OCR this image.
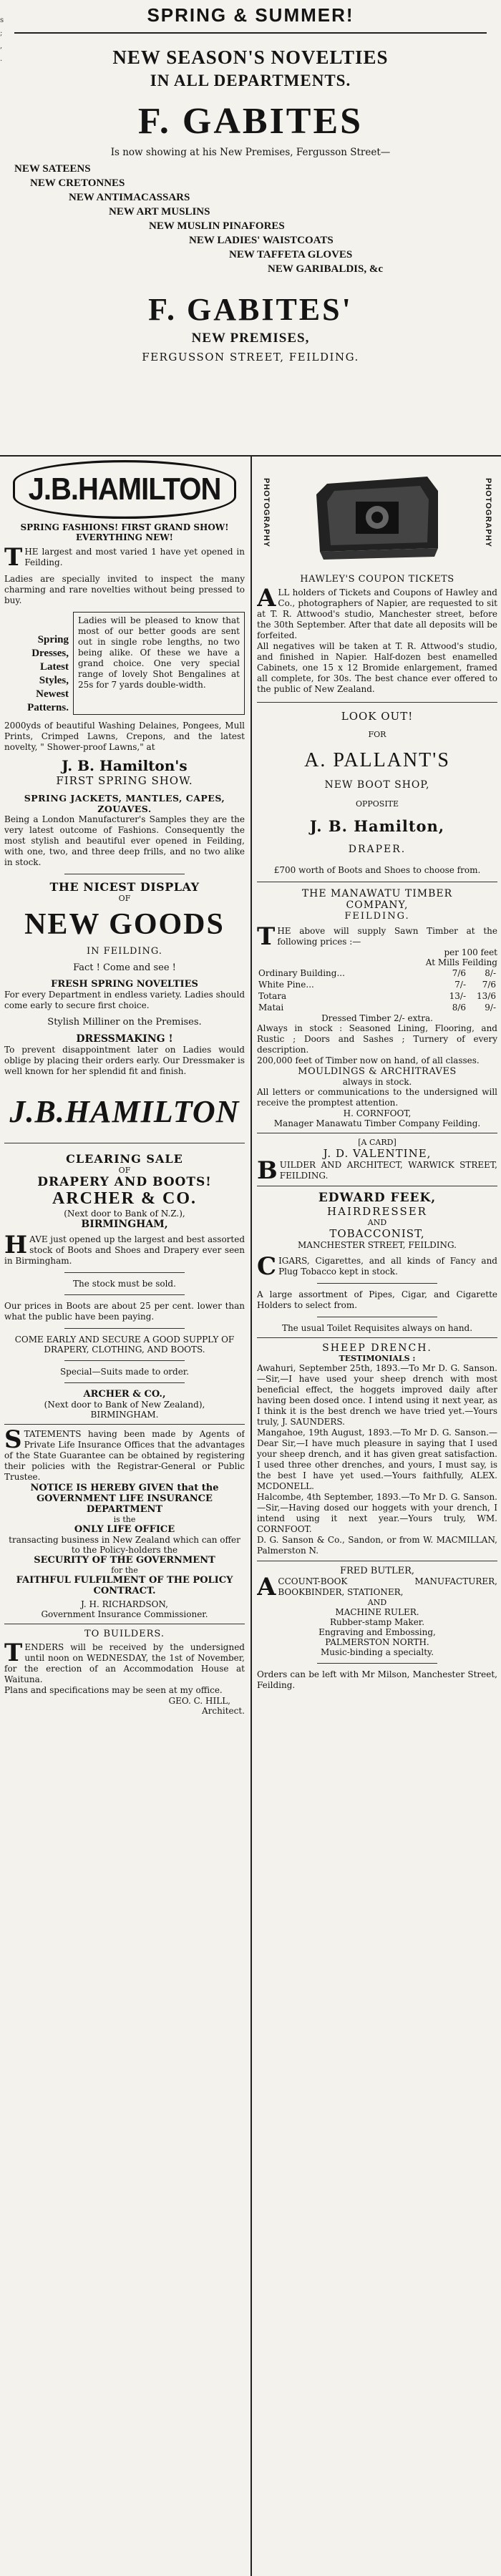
s
;
,
.
SPRING & SUMMER!
NEW SEASON'S NOVELTIES
IN ALL DEPARTMENTS.
F. GABITES
Is now showing at his New Premises, Fergusson Street—
NEW SATEENS
NEW CRETONNES
NEW ANTIMACASSARS
NEW ART MUSLINS
NEW MUSLIN PINAFORES
NEW LADIES' WAISTCOATS
NEW TAFFETA GLOVES
NEW GARIBALDIS, &c
F. GABITES'
NEW PREMISES,
FERGUSSON STREET, FEILDING.
J.B.HAMILTON
SPRING FASHIONS! FIRST GRAND SHOW!
EVERYTHING NEW!
THE largest and most varied 1 have yet opened in Feilding.
Ladies are specially invited to inspect the many charming and rare novelties without being pressed to buy.
Spring
Dresses,
Latest
Styles,
Newest
Patterns.
Ladies will be pleased to know that most of our better goods are sent out in single robe lengths, no two being alike. Of these we have a grand choice. One very special range of lovely Shot Bengalines at 25s for 7 yards double-width.
2000yds of beautiful Washing Delaines, Pongees, Mull Prints, Crimped Lawns, Crepons, and the latest novelty, " Shower-proof Lawns," at
J. B. Hamilton's
FIRST SPRING SHOW.
SPRING JACKETS, MANTLES, CAPES, ZOUAVES.
Being a London Manufacturer's Samples they are the very latest outcome of Fashions. Consequently the most stylish and beautiful ever opened in Feilding, with one, two, and three deep frills, and no two alike in stock.
THE NICEST DISPLAY
OF
NEW GOODS
IN FEILDING.
Fact ! Come and see !
FRESH SPRING NOVELTIES
For every Department in endless variety. Ladies should come early to secure first choice.
Stylish Milliner on the Premises.
DRESSMAKING !
To prevent disappointment later on Ladies would oblige by placing their orders early. Our Dressmaker is well known for her splendid fit and finish.
J.B.HAMILTON
CLEARING SALE
OF
DRAPERY AND BOOTS!
ARCHER & CO.
(Next door to Bank of N.Z.),
BIRMINGHAM,
HAVE just opened up the largest and best assorted stock of Boots and Shoes and Drapery ever seen in Birmingham.
The stock must be sold.
Our prices in Boots are about 25 per cent. lower than what the public have been paying.
COME EARLY AND SECURE A GOOD SUPPLY OF
DRAPERY, CLOTHING, AND BOOTS.
Special—Suits made to order.
ARCHER & CO.,
(Next door to Bank of New Zealand),
BIRMINGHAM.
STATEMENTS having been made by Agents of Private Life Insurance Offices that the advantages of the State Guarantee can be obtained by registering their policies with the Registrar-General or Public Trustee.
NOTICE IS HEREBY GIVEN that the
GOVERNMENT LIFE INSURANCE DEPARTMENT
is the
ONLY LIFE OFFICE
transacting business in New Zealand which can offer to the Policy-holders the
SECURITY OF THE GOVERNMENT
for the
FAITHFUL FULFILMENT OF THE POLICY CONTRACT.
J. H. RICHARDSON,
Government Insurance Commissioner.
TO BUILDERS.
TENDERS will be received by the undersigned until noon on WEDNESDAY, the 1st of November, for the erection of an Accommodation House at Waituna.
Plans and specifications may be seen at my office.
GEO. C. HILL,
Architect.
PHOTOGRAPHY	PHOTOGRAPHY
HAWLEY'S COUPON TICKETS
ALL holders of Tickets and Coupons of Hawley and Co., photographers of Napier, are requested to sit at T. R. Attwood's studio, Manchester street, before the 30th September. After that date all deposits will be forfeited.
All negatives will be taken at T. R. Attwood's studio, and finished in Napier. Half-dozen best enamelled Cabinets, one 15 x 12 Bromide enlargement, framed all complete, for 30s. The best chance ever offered to the public of New Zealand.
LOOK OUT!
FOR
A. PALLANT'S
NEW BOOT SHOP,
OPPOSITE
J. B. Hamilton,
DRAPER.
£700 worth of Boots and Shoes to choose from.
THE MANAWATU TIMBER
COMPANY,
FEILDING.
THE above will supply Sawn Timber at the following prices :—
per 100 feet
At Mills Feilding
Ordinary Building...	7/6	8/-
White Pine...	7/-	7/6
Totara	13/-	13/6
Matai	8/6	9/-
Dressed Timber 2/- extra.
Always in stock : Seasoned Lining, Flooring, and Rustic ; Doors and Sashes ; Turnery of every description.
200,000 feet of Timber now on hand, of all classes.
MOULDINGS & ARCHITRAVES
always in stock.
All letters or communications to the undersigned will receive the promptest attention.
H. CORNFOOT,
Manager Manawatu Timber Company Feilding.
[A CARD]
J. D. VALENTINE,
BUILDER AND ARCHITECT, WARWICK STREET, FEILDING.
EDWARD FEEK,
HAIRDRESSER
AND
TOBACCONIST,
MANCHESTER STREET, FEILDING.
CIGARS, Cigarettes, and all kinds of Fancy and Plug Tobacco kept in stock.
A large assortment of Pipes, Cigar, and Cigarette Holders to select from.
The usual Toilet Requisites always on hand.
SHEEP DRENCH.
TESTIMONIALS :
Awahuri, September 25th, 1893.—To Mr D. G. Sanson.—Sir,—I have used your sheep drench with most beneficial effect, the hoggets improved daily after having been dosed once. I intend using it next year, as I think it is the best drench we have tried yet.—Yours truly, J. SAUNDERS.
Mangahoe, 19th August, 1893.—To Mr D. G. Sanson.—Dear Sir,—I have much pleasure in saying that I used your sheep drench, and it has given great satisfaction. I used three other drenches, and yours, I must say, is the best I have yet used.—Yours faithfully, ALEX. MCDONELL.
Halcombe, 4th September, 1893.—To Mr D. G. Sanson.—Sir,—Having dosed our hoggets with your drench, I intend using it next year.—Yours truly, WM. CORNFOOT.
D. G. Sanson & Co., Sandon, or from W. MACMILLAN, Palmerston N.
FRED BUTLER,
ACCOUNT-BOOK MANUFACTURER, BOOKBINDER, STATIONER,
AND
MACHINE RULER.
Rubber-stamp Maker.
Engraving and Embossing,
PALMERSTON NORTH.
Music-binding a specialty.
Orders can be left with Mr Milson, Manchester Street, Feilding.
